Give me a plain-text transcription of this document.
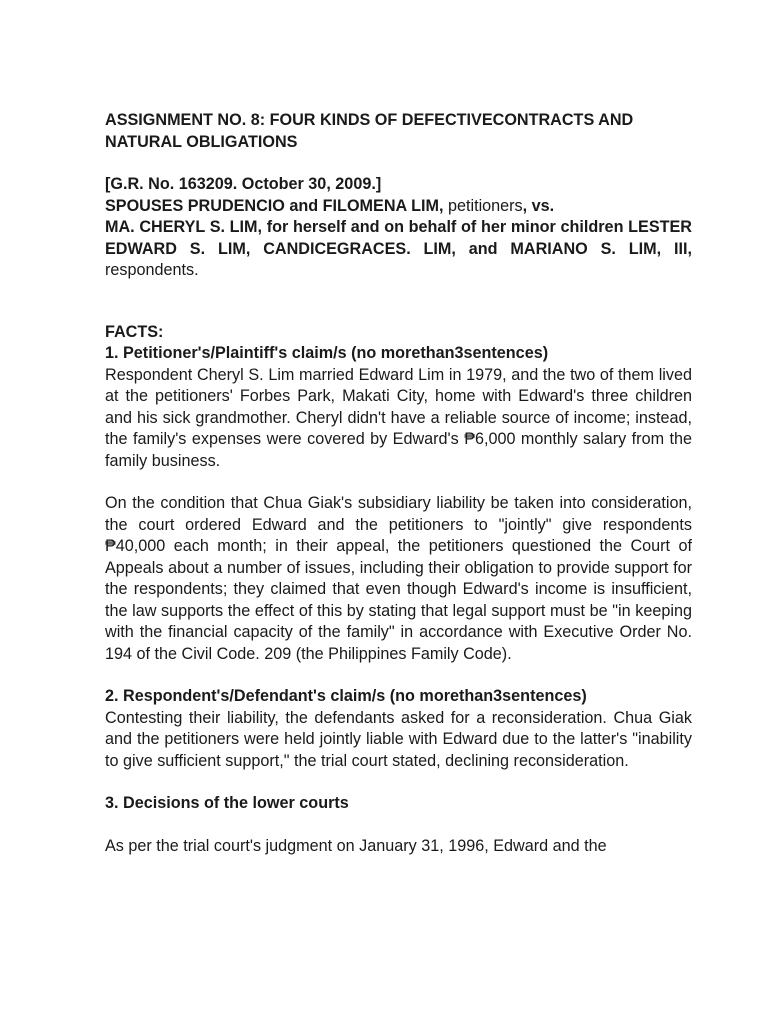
ASSIGNMENT NO. 8: FOUR KINDS OF DEFECTIVECONTRACTS AND NATURAL OBLIGATIONS

[G.R. No. 163209. October 30, 2009.]

SPOUSES PRUDENCIO and FILOMENA LIM, petitioners, vs.

MA. CHERYL S. LIM, for herself and on behalf of her minor children LESTER EDWARD S. LIM, CANDICEGRACES. LIM, and MARIANO S. LIM, III, respondents.

FACTS:

1. Petitioner's/Plaintiff's claim/s (no morethan3sentences)

Respondent Cheryl S. Lim married Edward Lim in 1979, and the two of them lived at the petitioners' Forbes Park, Makati City, home with Edward's three children and his sick grandmother. Cheryl didn't have a reliable source of income; instead, the family's expenses were covered by Edward's ₱6,000 monthly salary from the family business.

On the condition that Chua Giak's subsidiary liability be taken into consideration, the court ordered Edward and the petitioners to "jointly" give respondents ₱40,000 each month; in their appeal, the petitioners questioned the Court of Appeals about a number of issues, including their obligation to provide support for the respondents; they claimed that even though Edward's income is insufficient, the law supports the effect of this by stating that legal support must be "in keeping with the financial capacity of the family" in accordance with Executive Order No. 194 of the Civil Code. 209 (the Philippines Family Code).

2. Respondent's/Defendant's claim/s (no morethan3sentences)

Contesting their liability, the defendants asked for a reconsideration. Chua Giak and the petitioners were held jointly liable with Edward due to the latter's "inability to give sufficient support," the trial court stated, declining reconsideration.

3. Decisions of the lower courts

As per the trial court's judgment on January 31, 1996, Edward and the
